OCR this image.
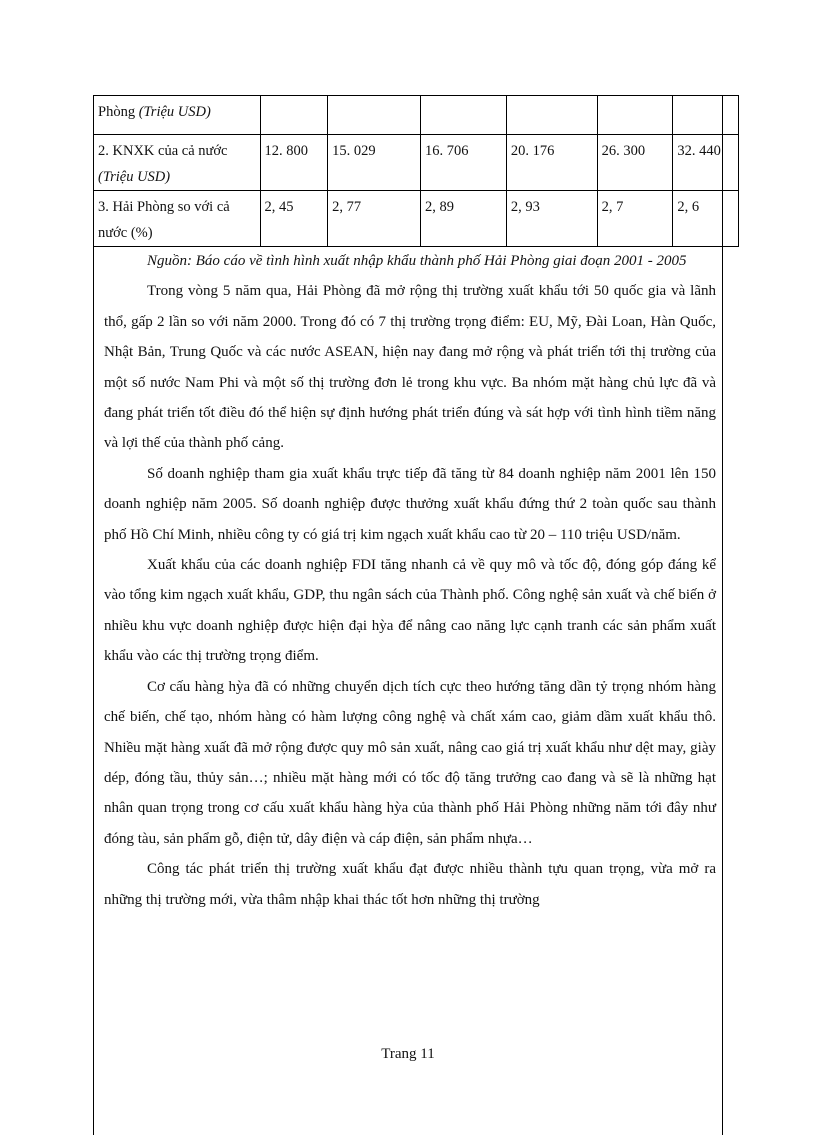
Phòng (Triệu USD)						
2. KNXK của cả nước
(Triệu USD)	12. 800	15. 029	16. 706	20. 176	26. 300	32. 440
3. Hải Phòng so với cả nước (%)	2, 45	2, 77	2, 89	2, 93	2, 7	2, 6

Nguồn: Báo cáo về tình hình xuất nhập khẩu thành phố Hải Phòng giai đoạn 2001 - 2005

Trong vòng 5 năm qua, Hải Phòng đã mở rộng thị trường xuất khẩu tới 50 quốc gia và lãnh thổ, gấp 2 lần so với năm 2000. Trong đó có 7 thị trường trọng điểm: EU, Mỹ, Đài Loan, Hàn Quốc, Nhật Bản, Trung Quốc và các nước ASEAN, hiện nay đang mở rộng và phát triển tới thị trường của một số nước Nam Phi và một số thị trường đơn lẻ trong khu vực. Ba nhóm mặt hàng chủ lực đã và đang phát triển tốt điều đó thể hiện sự định hướng phát triển đúng và sát hợp với tình hình tiềm năng và lợi thế của thành phố cảng.

Số doanh nghiệp tham gia xuất khẩu trực tiếp đã tăng từ 84 doanh nghiệp năm 2001 lên 150 doanh nghiệp năm 2005. Số doanh nghiệp được thưởng xuất khẩu đứng thứ 2 toàn quốc sau thành phố Hồ Chí Minh, nhiều công ty có giá trị kim ngạch xuất khẩu cao từ 20 – 110 triệu USD/năm.

Xuất khẩu của các doanh nghiệp FDI tăng nhanh cả về quy mô và tốc độ, đóng góp đáng kể vào tổng kim ngạch xuất khẩu, GDP, thu ngân sách của Thành phố. Công nghệ sản xuất và chế biến ở nhiều khu vực doanh nghiệp được hiện đại hỳa để nâng cao năng lực cạnh tranh các sản phẩm xuất khẩu vào các thị trường trọng điểm.

Cơ cấu hàng hỳa đã có những chuyển dịch tích cực theo hướng tăng dần tỷ trọng nhóm hàng chế biến, chế tạo, nhóm hàng có hàm lượng công nghệ và chất xám cao, giảm dầm xuất khẩu thô. Nhiều mặt hàng xuất đã mở rộng được quy mô sản xuất, nâng cao giá trị xuất khẩu như dệt may, giày dép, đóng tầu, thủy sản…; nhiều mặt hàng mới có tốc độ tăng trưởng cao đang và sẽ là những hạt nhân quan trọng trong cơ cấu xuất khẩu hàng hỳa của thành phố Hải Phòng những năm tới đây như đóng tàu, sản phẩm gỗ, điện tử, dây điện và cáp điện, sản phẩm nhựa…

Công tác phát triển thị trường xuất khẩu đạt được nhiều thành tựu quan trọng, vừa mở ra những thị trường mới, vừa thâm nhập khai thác tốt hơn những thị trường

Trang 11
